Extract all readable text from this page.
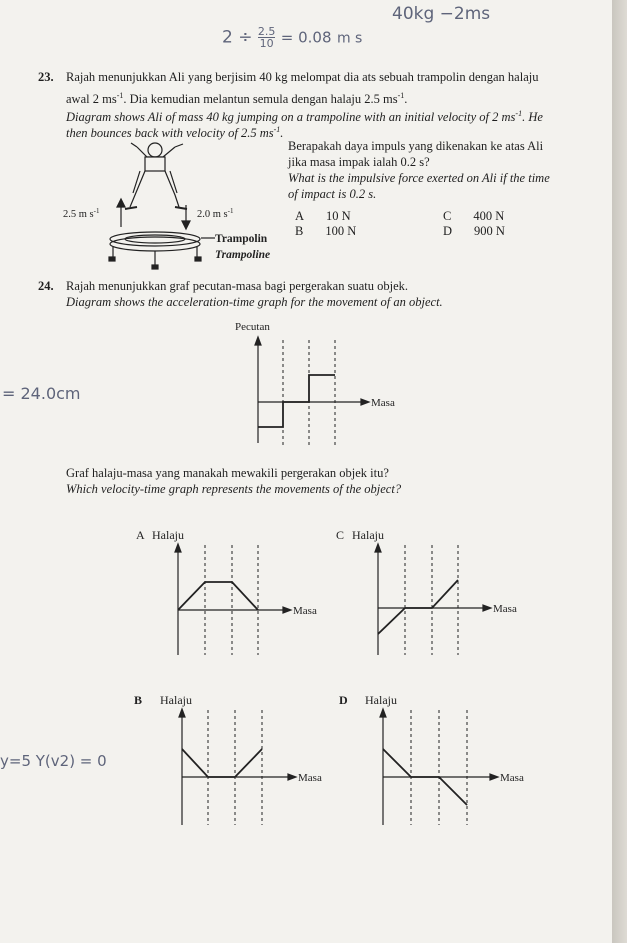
$2 \div \frac{2.5}{10} = 0.08$ m s
40kg −2ms
= 24.0cm
y=5 Y(v2) = 0
23. Rajah menunjukkan Ali yang berjisim 40 kg melompat dia ats sebuah trampolin dengan halaju
awal 2 $ms^{-1}$. Dia kemudian melantun semula dengan halaju 2.5 $ms^{-1}$.
Diagram shows Ali of mass 40 kg jumping on a trampoline with an initial velocity of 2 $ms^{-1}$. He
then bounces back with velocity of 2.5 $ms^{-1}$.
Berapakah daya impuls yang dikenakan ke atas Ali
jika masa impak ialah 0.2 s?
What is the impulsive force exerted on Ali if the time
of impact is 0.2 s.
2.5 m $s^{-1}$	2.0 m $s^{-1}$
Trampolin
Trampoline
A 10 N
B 100 N
C 400 N
D 900 N
24. Rajah menunjukkan graf pecutan-masa bagi pergerakan suatu objek.
Diagram shows the acceleration-time graph for the movement of an object.
Pecutan
Masa
Graf halaju-masa yang manakah mewakili pergerakan objek itu?
Which velocity-time graph represents the movements of the object?
A Halaju
Masa
C Halaju
Masa
B Halaju
Masa
D Halaju
Masa
